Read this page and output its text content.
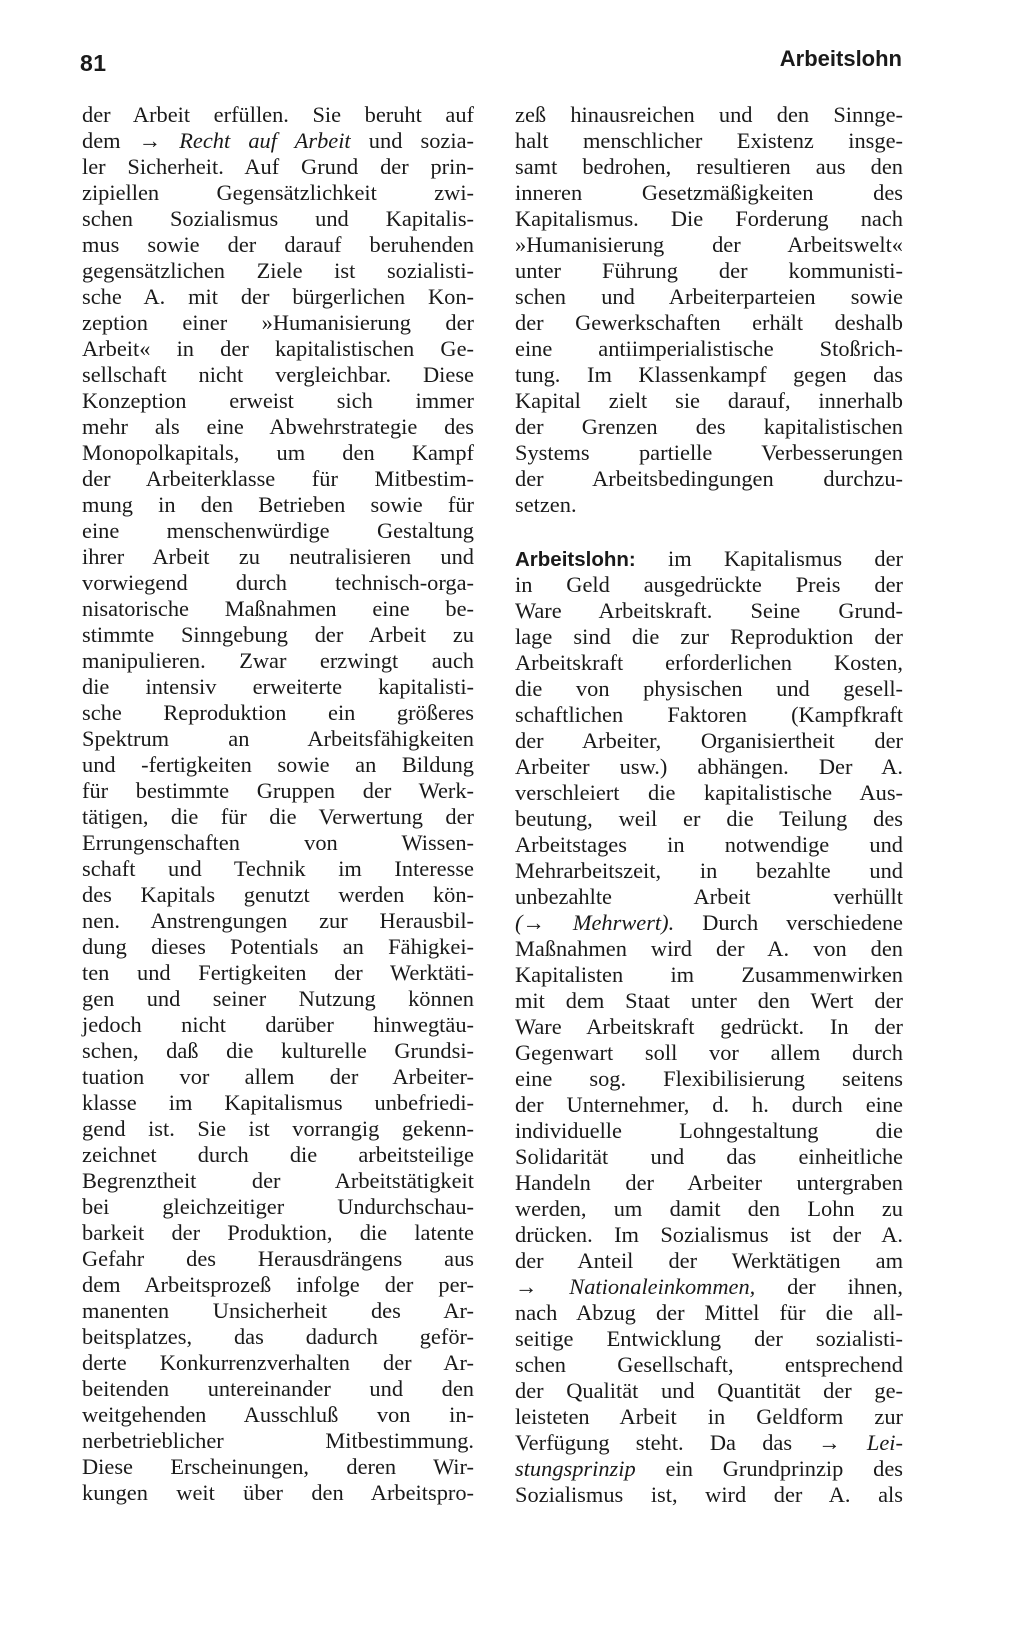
81	Arbeitslohn
der Arbeit erfüllen. Sie beruht auf
dem → Recht auf Arbeit und sozia-
ler Sicherheit. Auf Grund der prin-
zipiellen Gegensätzlichkeit zwi-
schen Sozialismus und Kapitalis-
mus sowie der darauf beruhenden
gegensätzlichen Ziele ist sozialisti-
sche A. mit der bürgerlichen Kon-
zeption einer »Humanisierung der
Arbeit« in der kapitalistischen Ge-
sellschaft nicht vergleichbar. Diese
Konzeption erweist sich immer
mehr als eine Abwehrstrategie des
Monopolkapitals, um den Kampf
der Arbeiterklasse für Mitbestim-
mung in den Betrieben sowie für
eine menschenwürdige Gestaltung
ihrer Arbeit zu neutralisieren und
vorwiegend durch technisch-orga-
nisatorische Maßnahmen eine be-
stimmte Sinngebung der Arbeit zu
manipulieren. Zwar erzwingt auch
die intensiv erweiterte kapitalisti-
sche Reproduktion ein größeres
Spektrum an Arbeitsfähigkeiten
und -fertigkeiten sowie an Bildung
für bestimmte Gruppen der Werk-
tätigen, die für die Verwertung der
Errungenschaften von Wissen-
schaft und Technik im Interesse
des Kapitals genutzt werden kön-
nen. Anstrengungen zur Herausbil-
dung dieses Potentials an Fähigkei-
ten und Fertigkeiten der Werktäti-
gen und seiner Nutzung können
jedoch nicht darüber hinwegtäu-
schen, daß die kulturelle Grundsi-
tuation vor allem der Arbeiter-
klasse im Kapitalismus unbefriedi-
gend ist. Sie ist vorrangig gekenn-
zeichnet durch die arbeitsteilige
Begrenztheit der Arbeitstätigkeit
bei gleichzeitiger Undurchschau-
barkeit der Produktion, die latente
Gefahr des Herausdrängens aus
dem Arbeitsprozeß infolge der per-
manenten Unsicherheit des Ar-
beitsplatzes, das dadurch geför-
derte Konkurrenzverhalten der Ar-
beitenden untereinander und den
weitgehenden Ausschluß von in-
nerbetrieblicher Mitbestimmung.
Diese Erscheinungen, deren Wir-
kungen weit über den Arbeitspro-
zeß hinausreichen und den Sinnge-
halt menschlicher Existenz insge-
samt bedrohen, resultieren aus den
inneren Gesetzmäßigkeiten des
Kapitalismus. Die Forderung nach
»Humanisierung der Arbeitswelt«
unter Führung der kommunisti-
schen und Arbeiterparteien sowie
der Gewerkschaften erhält deshalb
eine antiimperialistische Stoßrich-
tung. Im Klassenkampf gegen das
Kapital zielt sie darauf, innerhalb
der Grenzen des kapitalistischen
Systems partielle Verbesserungen
der Arbeitsbedingungen durchzu-
setzen.
Arbeitslohn: im Kapitalismus der
in Geld ausgedrückte Preis der
Ware Arbeitskraft. Seine Grund-
lage sind die zur Reproduktion der
Arbeitskraft erforderlichen Kosten,
die von physischen und gesell-
schaftlichen Faktoren (Kampfkraft
der Arbeiter, Organisiertheit der
Arbeiter usw.) abhängen. Der A.
verschleiert die kapitalistische Aus-
beutung, weil er die Teilung des
Arbeitstages in notwendige und
Mehrarbeitszeit, in bezahlte und
unbezahlte Arbeit verhüllt
(→ Mehrwert). Durch verschiedene
Maßnahmen wird der A. von den
Kapitalisten im Zusammenwirken
mit dem Staat unter den Wert der
Ware Arbeitskraft gedrückt. In der
Gegenwart soll vor allem durch
eine sog. Flexibilisierung seitens
der Unternehmer, d. h. durch eine
individuelle Lohngestaltung die
Solidarität und das einheitliche
Handeln der Arbeiter untergraben
werden, um damit den Lohn zu
drücken. Im Sozialismus ist der A.
der Anteil der Werktätigen am
→ Nationaleinkommen, der ihnen,
nach Abzug der Mittel für die all-
seitige Entwicklung der sozialisti-
schen Gesellschaft, entsprechend
der Qualität und Quantität der ge-
leisteten Arbeit in Geldform zur
Verfügung steht. Da das → Lei-
stungsprinzip ein Grundprinzip des
Sozialismus ist, wird der A. als
